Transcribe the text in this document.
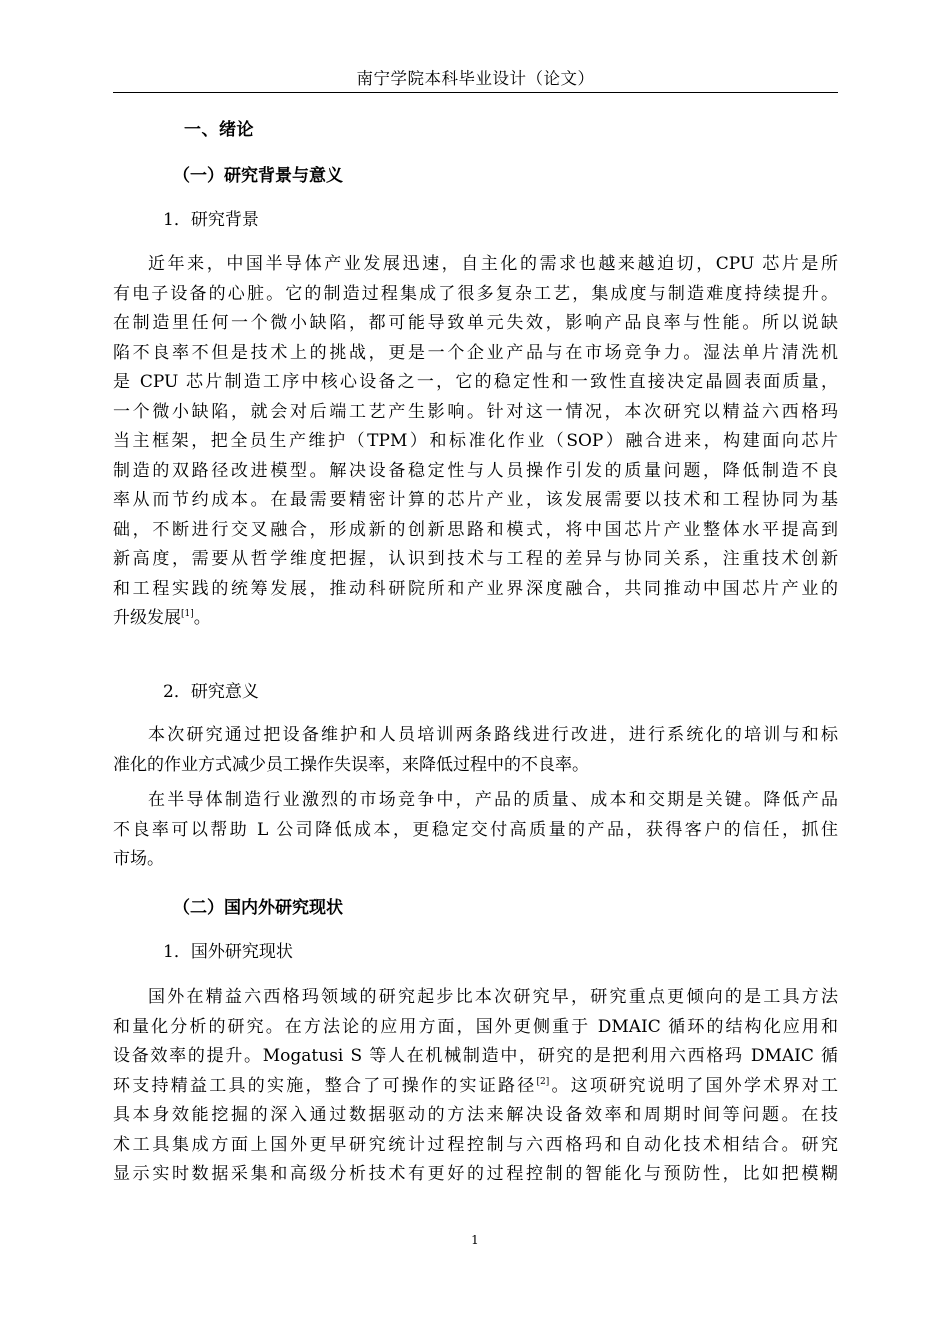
南宁学院本科毕业设计（论文）
一、绪论
（一）研究背景与意义
1．研究背景
近年来，中国半导体产业发展迅速，自主化的需求也越来越迫切，CPU 芯片是所
有电子设备的心脏。它的制造过程集成了很多复杂工艺，集成度与制造难度持续提升。
在制造里任何一个微小缺陷，都可能导致单元失效，影响产品良率与性能。所以说缺
陷不良率不但是技术上的挑战，更是一个企业产品与在市场竞争力。湿法单片清洗机
是 CPU 芯片制造工序中核心设备之一，它的稳定性和一致性直接决定晶圆表面质量，
一个微小缺陷，就会对后端工艺产生影响。针对这一情况，本次研究以精益六西格玛
当主框架，把全员生产维护（TPM）和标准化作业（SOP）融合进来，构建面向芯片
制造的双路径改进模型。解决设备稳定性与人员操作引发的质量问题，降低制造不良
率从而节约成本。在最需要精密计算的芯片产业，该发展需要以技术和工程协同为基
础，不断进行交叉融合，形成新的创新思路和模式，将中国芯片产业整体水平提高到
新高度，需要从哲学维度把握，认识到技术与工程的差异与协同关系，注重技术创新
和工程实践的统筹发展，推动科研院所和产业界深度融合，共同推动中国芯片产业的
升级发展[1]。
2．研究意义
本次研究通过把设备维护和人员培训两条路线进行改进，进行系统化的培训与和标
准化的作业方式减少员工操作失误率，来降低过程中的不良率。
在半导体制造行业激烈的市场竞争中，产品的质量、成本和交期是关键。降低产品
不良率可以帮助 L 公司降低成本，更稳定交付高质量的产品，获得客户的信任，抓住
市场。
（二）国内外研究现状
1．国外研究现状
国外在精益六西格玛领域的研究起步比本次研究早，研究重点更倾向的是工具方法
和量化分析的研究。在方法论的应用方面，国外更侧重于 DMAIC 循环的结构化应用和
设备效率的提升。Mogatusi S 等人在机械制造中，研究的是把利用六西格玛 DMAIC 循
环支持精益工具的实施，整合了可操作的实证路径[2]。这项研究说明了国外学术界对工
具本身效能挖掘的深入通过数据驱动的方法来解决设备效率和周期时间等问题。在技
术工具集成方面上国外更早研究统计过程控制与六西格玛和自动化技术相结合。研究
显示实时数据采集和高级分析技术有更好的过程控制的智能化与预防性，比如把模糊
1
